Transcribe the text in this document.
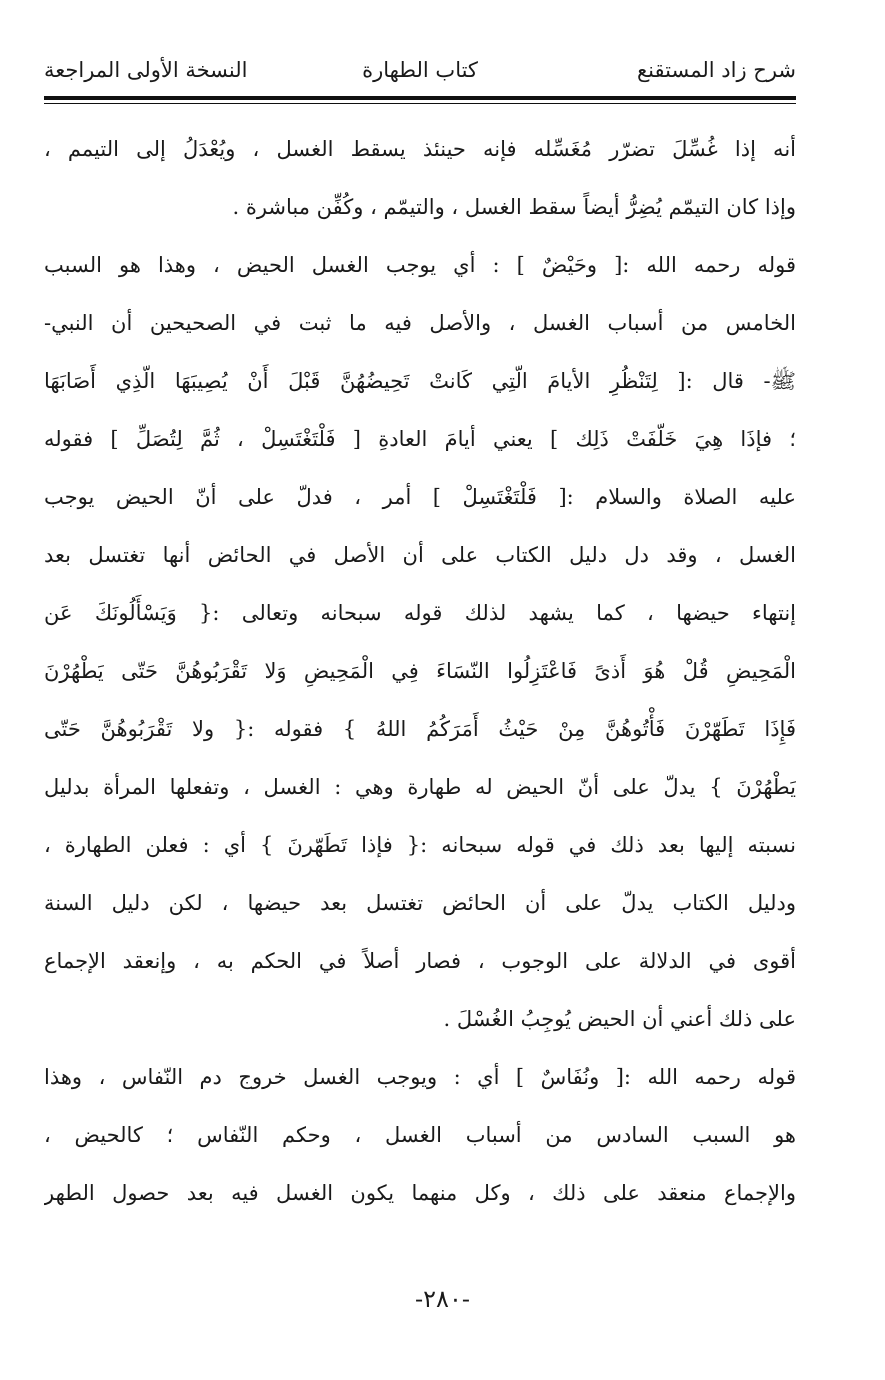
شرح زاد المستقنع
كتاب الطهارة
النسخة الأولى المراجعة
أنه إذا غُسِّلَ تضرّر مُغَسِّله فإنه حينئذ يسقط الغسل ، ويُعْدَلُ إلى التيمم ،
وإذا كان التيمّم يُضِرُّ أيضاً سقط الغسل ، والتيمّم ، وكُفِّن مباشرة .
قوله رحمه الله :[ وحَيْضٌ ] : أي يوجب الغسل الحيض ، وهذا هو السبب
الخامس من أسباب الغسل ، والأصل فيه ما ثبت في الصحيحين أن النبي-
ﷺ- قال :[ لِتَنْظُرِ الأيامَ الّتِي كَانتْ تَحِيضُهُنَّ قَبْلَ أَنْ يُصِيبَهَا الّذِي أَصَابَهَا
؛ فإذَا هِيَ خَلّفَتْ ذَلِك ] يعني أيامَ العادةِ [ فَلْتَغْتَسِلْ ، ثُمَّ لِتُصَلِّ ] فقوله
عليه الصلاة والسلام :[ فَلْتَغْتَسِلْ ] أمر ، فدلّ على أنّ الحيض يوجب
الغسل ، وقد دل دليل الكتاب على أن الأصل في الحائض أنها تغتسل بعد
إنتهاء حيضها ، كما يشهد لذلك قوله سبحانه وتعالى :{ وَيَسْأَلُونَكَ عَن
الْمَحِيضِ قُلْ هُوَ أَذىً فَاعْتَزِلُوا النّسَاءَ فِي الْمَحِيضِ وَلا تَقْرَبُوهُنَّ حَتّى يَطْهُرْنَ
فَإِذَا تَطَهّرْنَ فَأْتُوهُنَّ مِنْ حَيْثُ أَمَرَكُمُ اللهُ } فقوله :{ ولا تَقْرَبُوهُنَّ حَتّى
يَطْهُرْنَ } يدلّ على أنّ الحيض له طهارة وهي : الغسل ، وتفعلها المرأة بدليل
نسبته إليها بعد ذلك في قوله سبحانه :{ فإذا تَطَهّرنَ } أي : فعلن الطهارة ،
ودليل الكتاب يدلّ على أن الحائض تغتسل بعد حيضها ، لكن دليل السنة
أقوى في الدلالة على الوجوب ، فصار أصلاً في الحكم به ، وإنعقد الإجماع
على ذلك أعني أن الحيض يُوجِبُ الغُسْلَ .
قوله رحمه الله :[ ونُفَاسٌ ] أي : ويوجب الغسل خروج دم النّفاس ، وهذا
هو السبب السادس من أسباب الغسل ، وحكم النّفاس ؛ كالحيض ،
والإجماع منعقد على ذلك ، وكل منهما يكون الغسل فيه بعد حصول الطهر
-٢٨٠-
